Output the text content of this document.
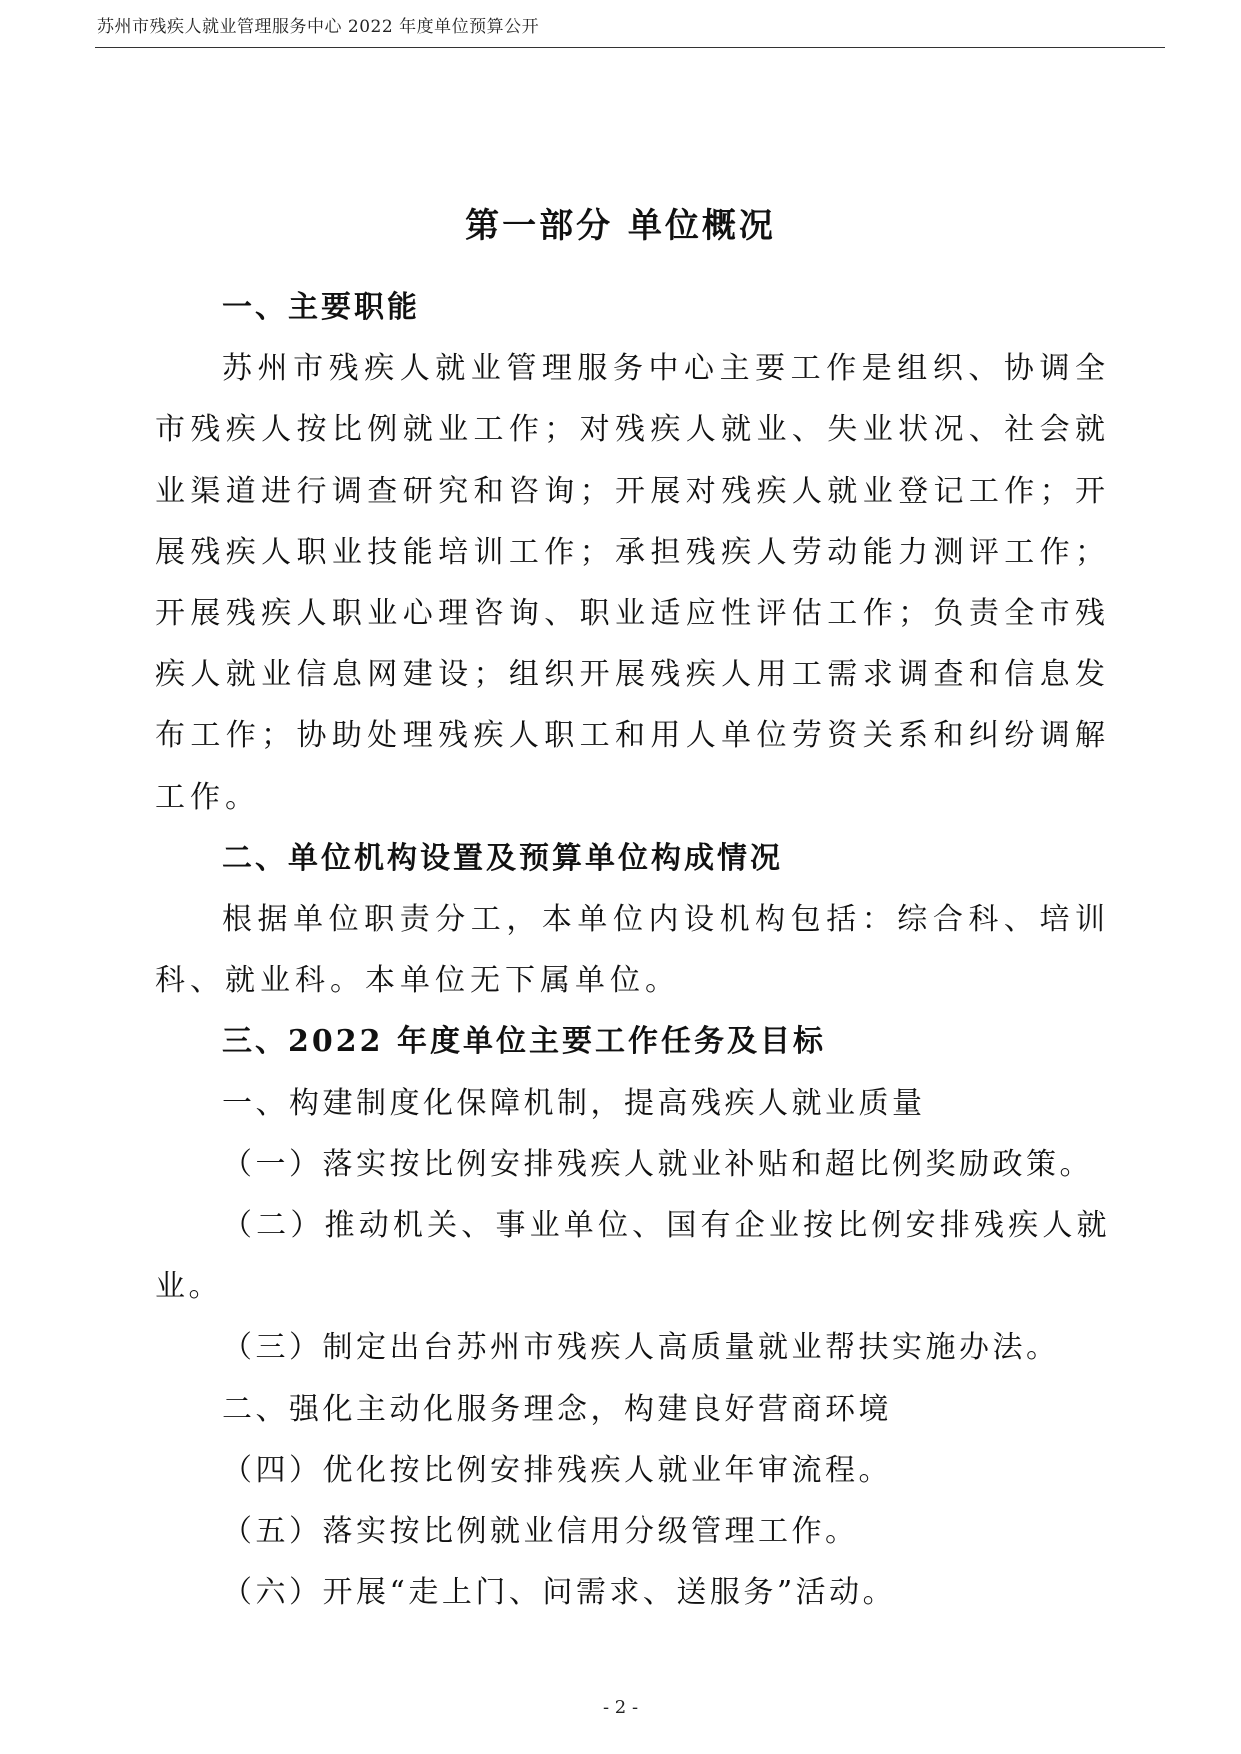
苏州市残疾人就业管理服务中心 2022 年度单位预算公开
第一部分 单位概况

一、主要职能

苏州市残疾人就业管理服务中心主要工作是组织、协调全市残疾人按比例就业工作；对残疾人就业、失业状况、社会就业渠道进行调查研究和咨询；开展对残疾人就业登记工作；开展残疾人职业技能培训工作；承担残疾人劳动能力测评工作；开展残疾人职业心理咨询、职业适应性评估工作；负责全市残疾人就业信息网建设；组织开展残疾人用工需求调查和信息发布工作；协助处理残疾人职工和用人单位劳资关系和纠纷调解工作。

二、单位机构设置及预算单位构成情况

根据单位职责分工，本单位内设机构包括：综合科、培训科、就业科。本单位无下属单位。

三、2022 年度单位主要工作任务及目标

一、构建制度化保障机制，提高残疾人就业质量

（一）落实按比例安排残疾人就业补贴和超比例奖励政策。

（二）推动机关、事业单位、国有企业按比例安排残疾人就业。

（三）制定出台苏州市残疾人高质量就业帮扶实施办法。

二、强化主动化服务理念，构建良好营商环境

（四）优化按比例安排残疾人就业年审流程。

（五）落实按比例就业信用分级管理工作。

（六）开展“走上门、问需求、送服务”活动。

- 2 -
